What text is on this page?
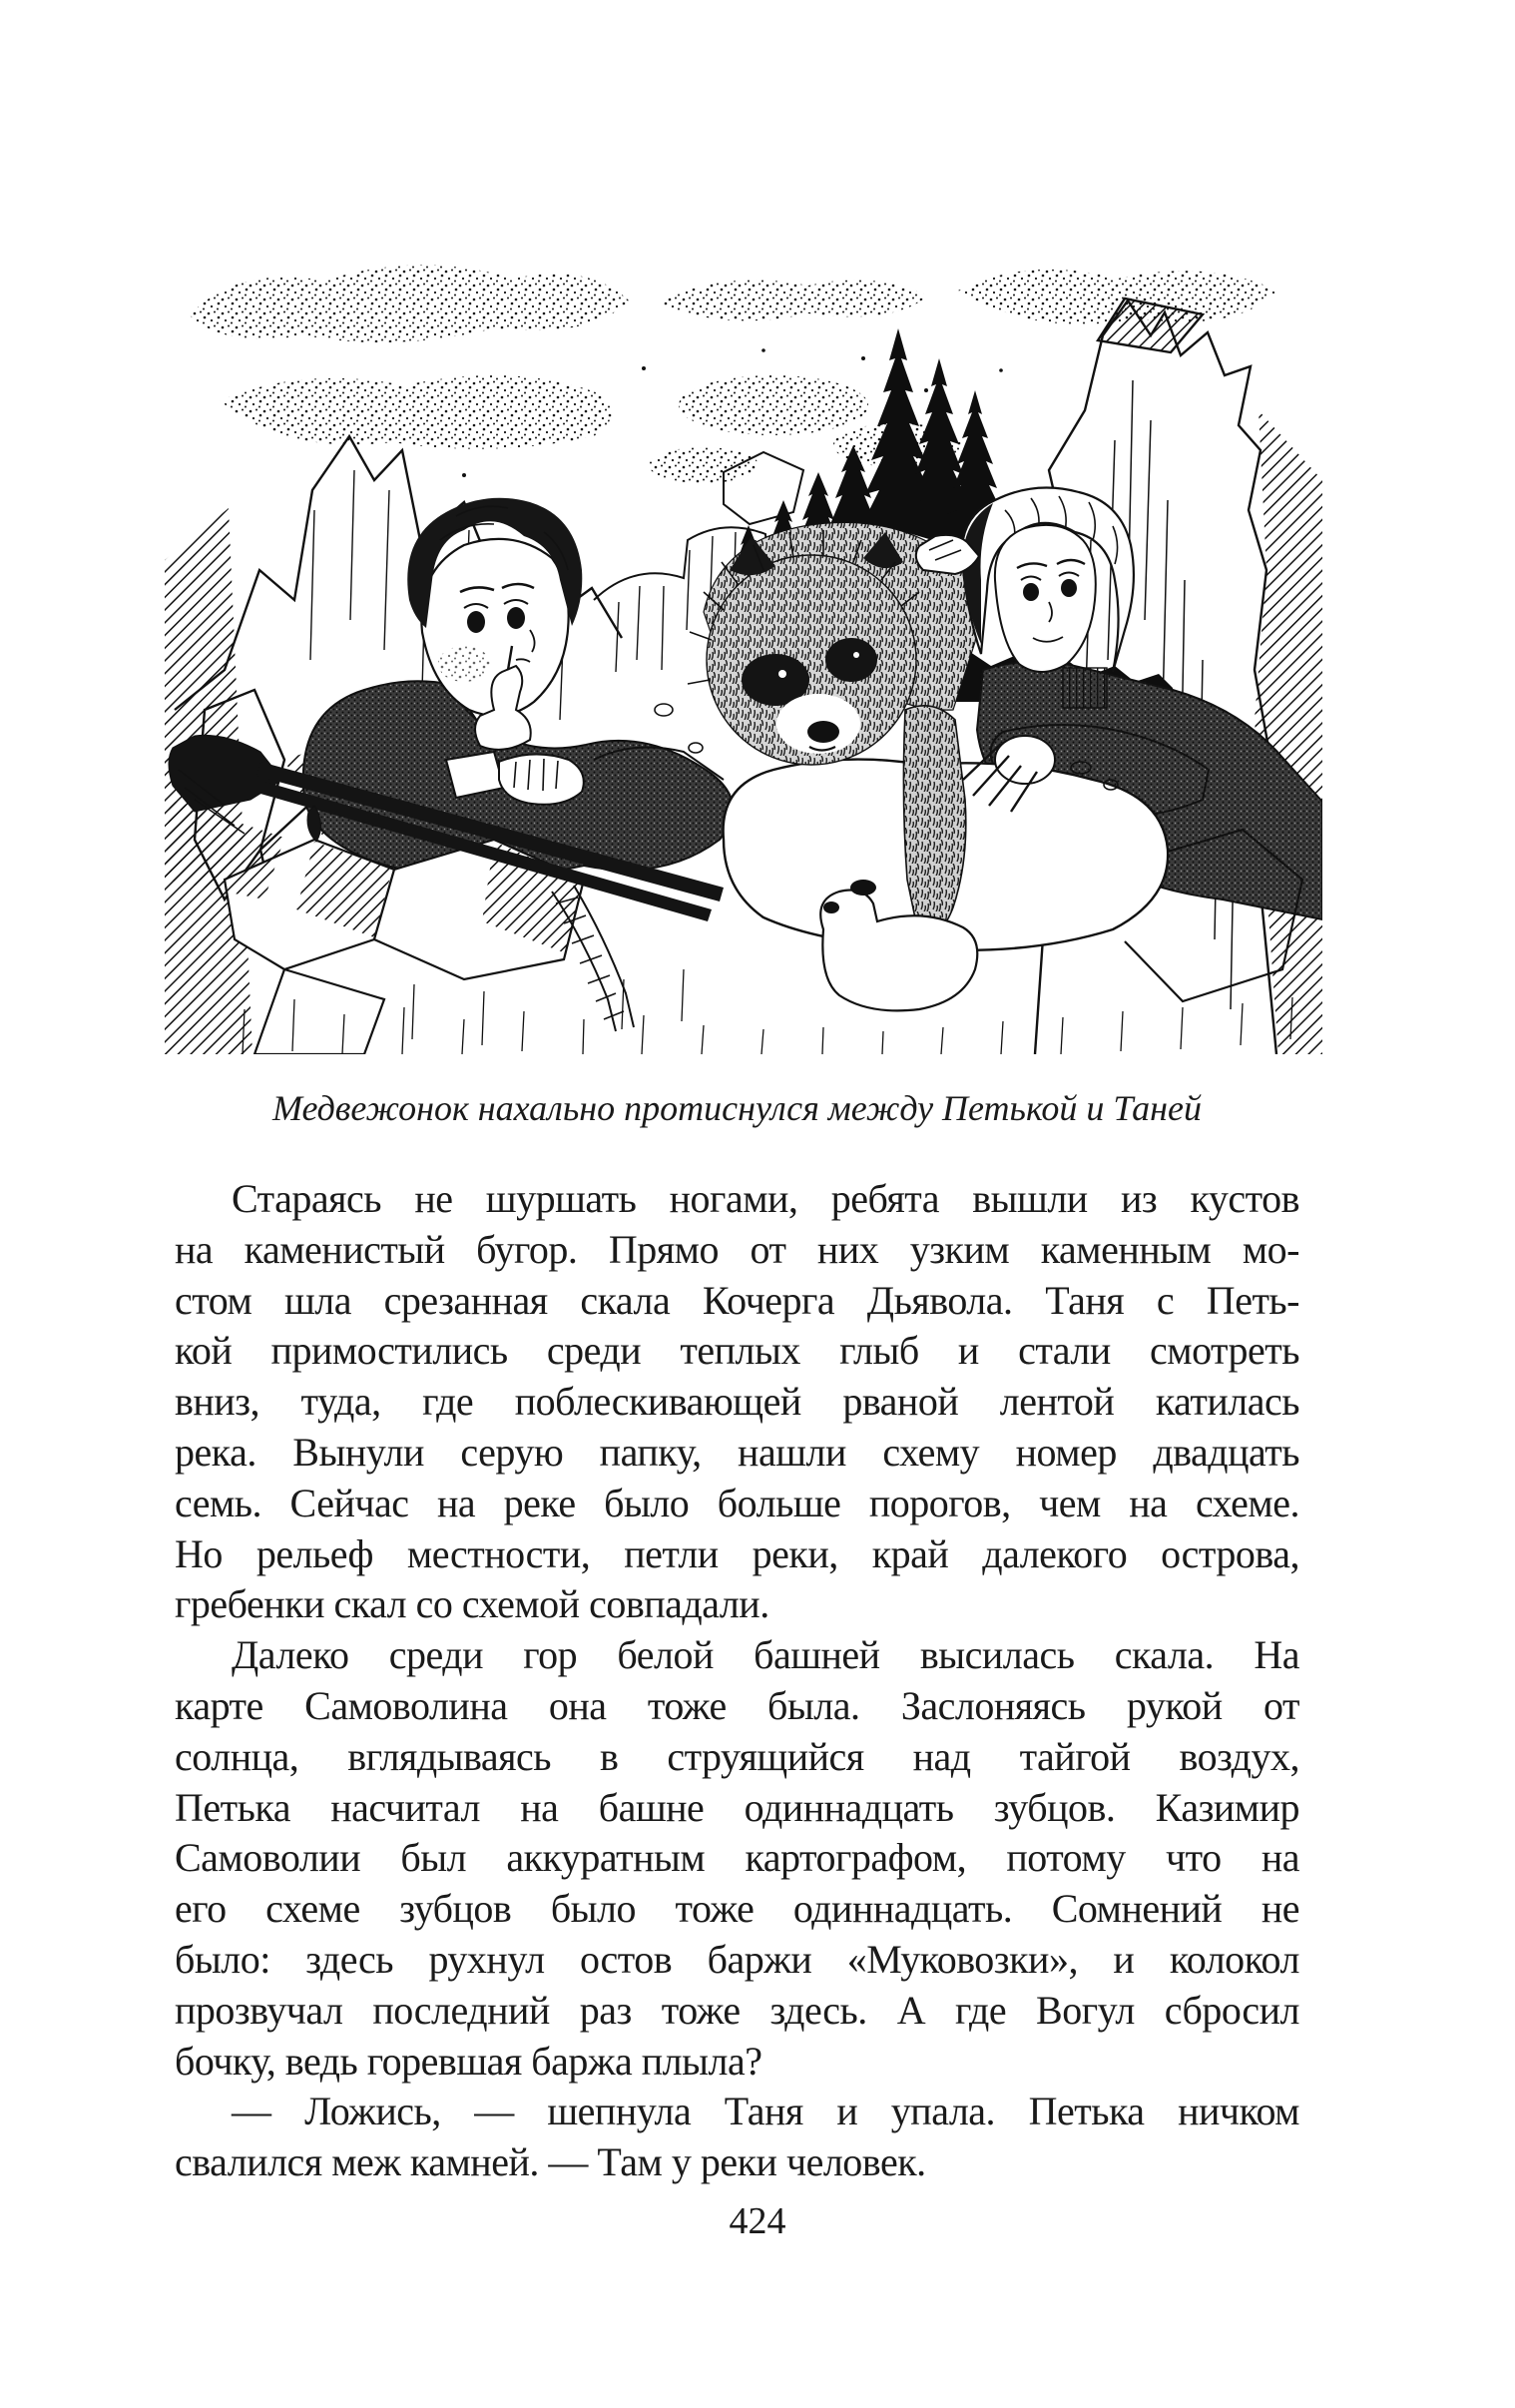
Медвежонок нахально протиснулся между Петькой и Таней
Стараясь не шуршать ногами, ребята вышли из кустов
на каменистый бугор. Прямо от них узким каменным мо-
стом шла срезанная скала Кочерга Дьявола. Таня с Петь-
кой примостились среди теплых глыб и стали смотреть
вниз, туда, где поблескивающей рваной лентой катилась
река. Вынули серую папку, нашли схему номер двадцать
семь. Сейчас на реке было больше порогов, чем на схеме.
Но рельеф местности, петли реки, край далекого острова,
гребенки скал со схемой совпадали.
Далеко среди гор белой башней высилась скала. На
карте Самоволина она тоже была. Заслоняясь рукой от
солнца, вглядываясь в струящийся над тайгой воздух,
Петька насчитал на башне одиннадцать зубцов. Казимир
Самоволии был аккуратным картографом, потому что на
его схеме зубцов было тоже одиннадцать. Сомнений не
было: здесь рухнул остов баржи «Муковозки», и колокол
прозвучал последний раз тоже здесь. А где Вогул сбросил
бочку, ведь горевшая баржа плыла?
— Ложись, — шепнула Таня и упала. Петька ничком
свалился меж камней. — Там у реки человек.
424
